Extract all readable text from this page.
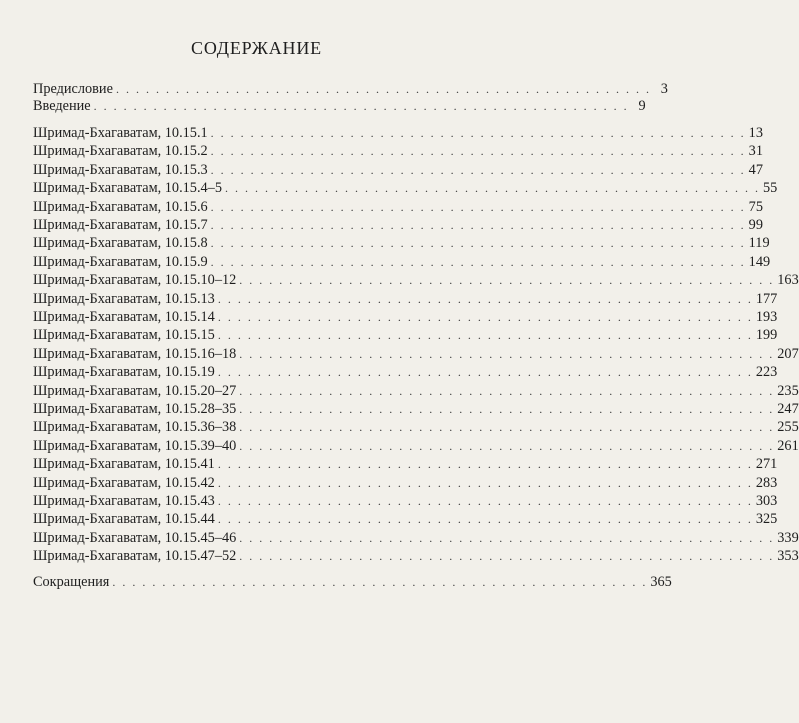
СОДЕРЖАНИЕ
Предисловие . . . . . . . . . . . . . . . . . . . . . . . . . . . . . . . . . . . . . . . . . . . . . . . . . . . . . . 3
Введение . . . . . . . . . . . . . . . . . . . . . . . . . . . . . . . . . . . . . . . . . . . . . . . . . . . . . . 9
Шримад-Бхагаватам, 10.15.1 . . . . . . . . . . . . . . . . . . . . . . . . . . . . . . . . . . . . . . . . . . . . . . . . . . . . . . 13
Шримад-Бхагаватам, 10.15.2 . . . . . . . . . . . . . . . . . . . . . . . . . . . . . . . . . . . . . . . . . . . . . . . . . . . . . . 31
Шримад-Бхагаватам, 10.15.3 . . . . . . . . . . . . . . . . . . . . . . . . . . . . . . . . . . . . . . . . . . . . . . . . . . . . . . 47
Шримад-Бхагаватам, 10.15.4–5 . . . . . . . . . . . . . . . . . . . . . . . . . . . . . . . . . . . . . . . . . . . . . . . . . . . . . . 55
Шримад-Бхагаватам, 10.15.6 . . . . . . . . . . . . . . . . . . . . . . . . . . . . . . . . . . . . . . . . . . . . . . . . . . . . . . 75
Шримад-Бхагаватам, 10.15.7 . . . . . . . . . . . . . . . . . . . . . . . . . . . . . . . . . . . . . . . . . . . . . . . . . . . . . . 99
Шримад-Бхагаватам, 10.15.8 . . . . . . . . . . . . . . . . . . . . . . . . . . . . . . . . . . . . . . . . . . . . . . . . . . . . . . 119
Шримад-Бхагаватам, 10.15.9 . . . . . . . . . . . . . . . . . . . . . . . . . . . . . . . . . . . . . . . . . . . . . . . . . . . . . . 149
Шримад-Бхагаватам, 10.15.10–12 . . . . . . . . . . . . . . . . . . . . . . . . . . . . . . . . . . . . . . . . . . . . . . . . . . . . . . 163
Шримад-Бхагаватам, 10.15.13 . . . . . . . . . . . . . . . . . . . . . . . . . . . . . . . . . . . . . . . . . . . . . . . . . . . . . . 177
Шримад-Бхагаватам, 10.15.14 . . . . . . . . . . . . . . . . . . . . . . . . . . . . . . . . . . . . . . . . . . . . . . . . . . . . . . 193
Шримад-Бхагаватам, 10.15.15 . . . . . . . . . . . . . . . . . . . . . . . . . . . . . . . . . . . . . . . . . . . . . . . . . . . . . . 199
Шримад-Бхагаватам, 10.15.16–18 . . . . . . . . . . . . . . . . . . . . . . . . . . . . . . . . . . . . . . . . . . . . . . . . . . . . . . 207
Шримад-Бхагаватам, 10.15.19 . . . . . . . . . . . . . . . . . . . . . . . . . . . . . . . . . . . . . . . . . . . . . . . . . . . . . . 223
Шримад-Бхагаватам, 10.15.20–27 . . . . . . . . . . . . . . . . . . . . . . . . . . . . . . . . . . . . . . . . . . . . . . . . . . . . . . 235
Шримад-Бхагаватам, 10.15.28–35 . . . . . . . . . . . . . . . . . . . . . . . . . . . . . . . . . . . . . . . . . . . . . . . . . . . . . . 247
Шримад-Бхагаватам, 10.15.36–38 . . . . . . . . . . . . . . . . . . . . . . . . . . . . . . . . . . . . . . . . . . . . . . . . . . . . . . 255
Шримад-Бхагаватам, 10.15.39–40 . . . . . . . . . . . . . . . . . . . . . . . . . . . . . . . . . . . . . . . . . . . . . . . . . . . . . . 261
Шримад-Бхагаватам, 10.15.41 . . . . . . . . . . . . . . . . . . . . . . . . . . . . . . . . . . . . . . . . . . . . . . . . . . . . . . 271
Шримад-Бхагаватам, 10.15.42 . . . . . . . . . . . . . . . . . . . . . . . . . . . . . . . . . . . . . . . . . . . . . . . . . . . . . . 283
Шримад-Бхагаватам, 10.15.43 . . . . . . . . . . . . . . . . . . . . . . . . . . . . . . . . . . . . . . . . . . . . . . . . . . . . . . 303
Шримад-Бхагаватам, 10.15.44 . . . . . . . . . . . . . . . . . . . . . . . . . . . . . . . . . . . . . . . . . . . . . . . . . . . . . . 325
Шримад-Бхагаватам, 10.15.45–46 . . . . . . . . . . . . . . . . . . . . . . . . . . . . . . . . . . . . . . . . . . . . . . . . . . . . . . 339
Шримад-Бхагаватам, 10.15.47–52 . . . . . . . . . . . . . . . . . . . . . . . . . . . . . . . . . . . . . . . . . . . . . . . . . . . . . . 353
Сокращения . . . . . . . . . . . . . . . . . . . . . . . . . . . . . . . . . . . . . . . . . . . . . . . . . . . . . . 365
